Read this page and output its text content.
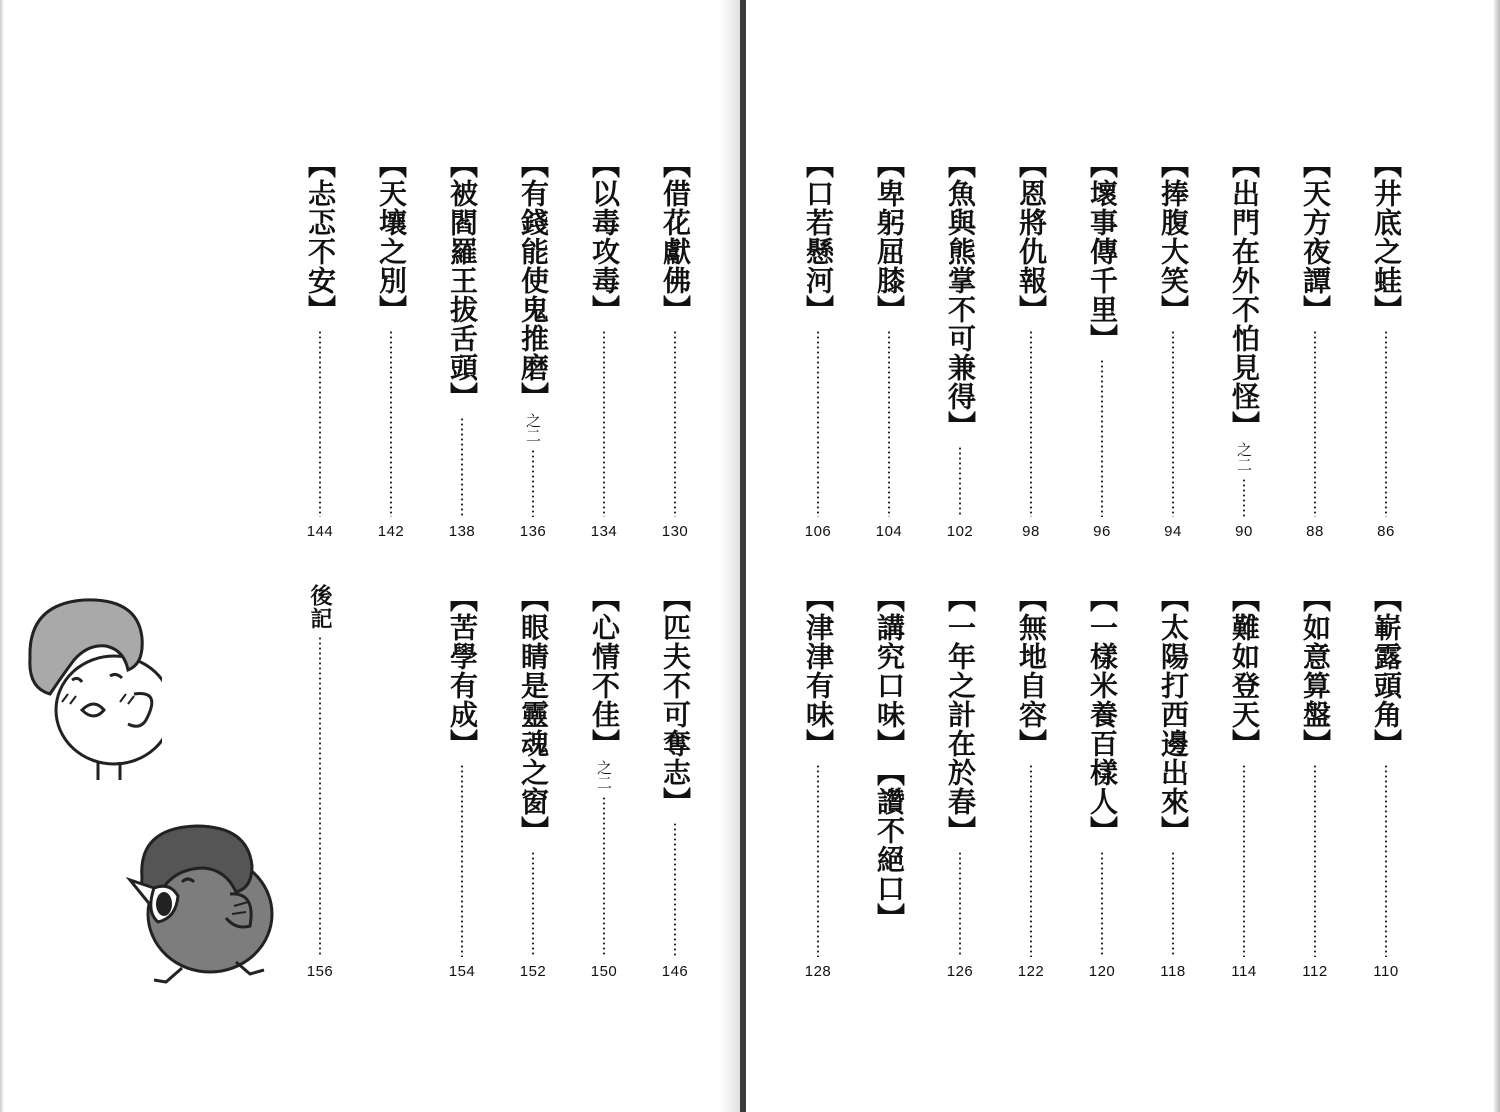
【 井底之蛙 】
86
【 天方夜譚 】
88
【 出門在外不怕見怪 】
之二
90
【 捧腹大笑 】
94
【 壞事傳千里 】
96
【 恩將仇報 】
98
【 魚與熊掌不可兼得 】
102
【 卑躬屈膝 】
104
【 口若懸河 】
106
【 借花獻佛 】
130
【 以毒攻毒 】
134
【 有錢能使鬼推磨 】
之二
136
【 被閻羅王拔舌頭 】
138
【 天壤之別 】
142
【 忐忑不安 】
144
【 嶄露頭角 】
110
【 如意算盤 】
112
【 難如登天 】
114
【 太陽打西邊出來 】
118
【 一樣米養百樣人 】
120
【 無地自容 】
122
【 一年之計在於春 】
126
【 講究口味 】
【 讚不絕口 】
【 津津有味 】
128
【 匹夫不可奪志 】
146
【 心情不佳 】
之二
150
【 眼睛是靈魂之窗 】
152
【 苦學有成 】
154
後記
156
